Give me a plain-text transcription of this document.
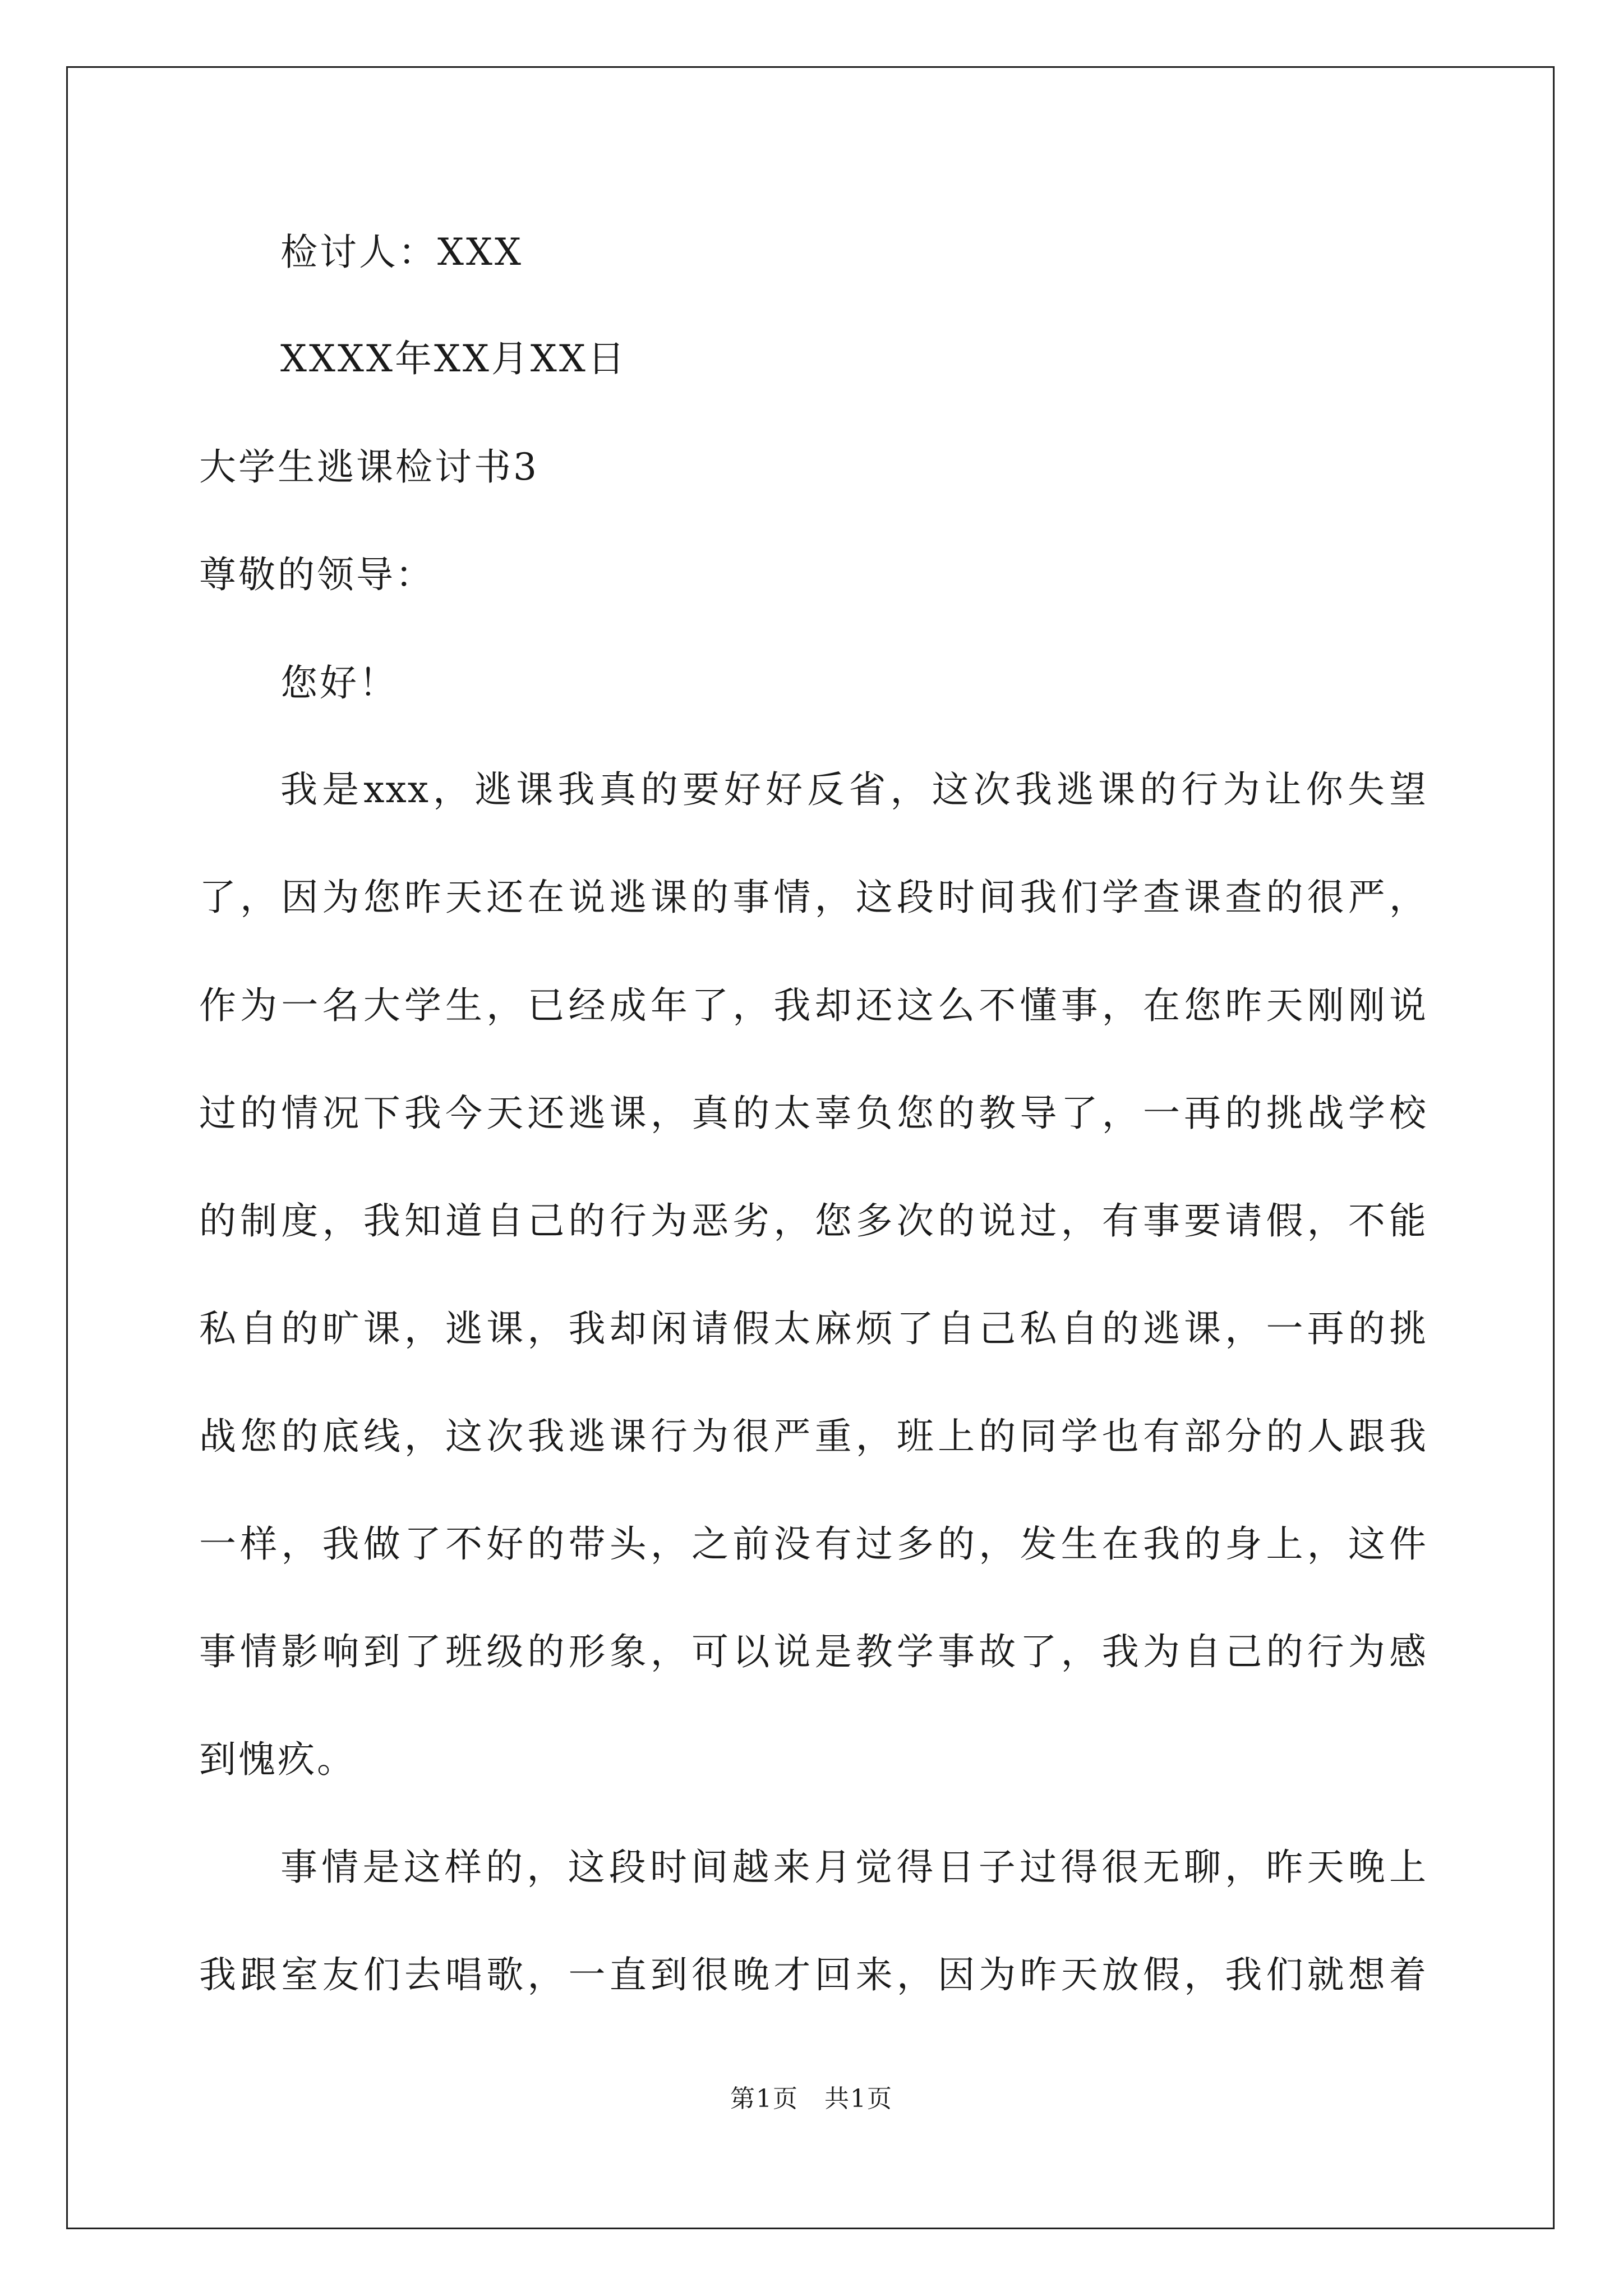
检讨人：XXX
XXXX年XX月XX日
大学生逃课检讨书3
尊敬的领导：
您好！
我是xxx，逃课我真的要好好反省，这次我逃课的行为让你失望
了，因为您昨天还在说逃课的事情，这段时间我们学查课查的很严，
作为一名大学生，已经成年了，我却还这么不懂事，在您昨天刚刚说
过的情况下我今天还逃课，真的太辜负您的教导了，一再的挑战学校
的制度，我知道自己的行为恶劣，您多次的说过，有事要请假，不能
私自的旷课，逃课，我却闲请假太麻烦了自己私自的逃课，一再的挑
战您的底线，这次我逃课行为很严重，班上的同学也有部分的人跟我
一样，我做了不好的带头，之前没有过多的，发生在我的身上，这件
事情影响到了班级的形象，可以说是教学事故了，我为自己的行为感
到愧疚。
事情是这样的，这段时间越来月觉得日子过得很无聊，昨天晚上
我跟室友们去唱歌，一直到很晚才回来，因为昨天放假，我们就想着
第1页　共1页
